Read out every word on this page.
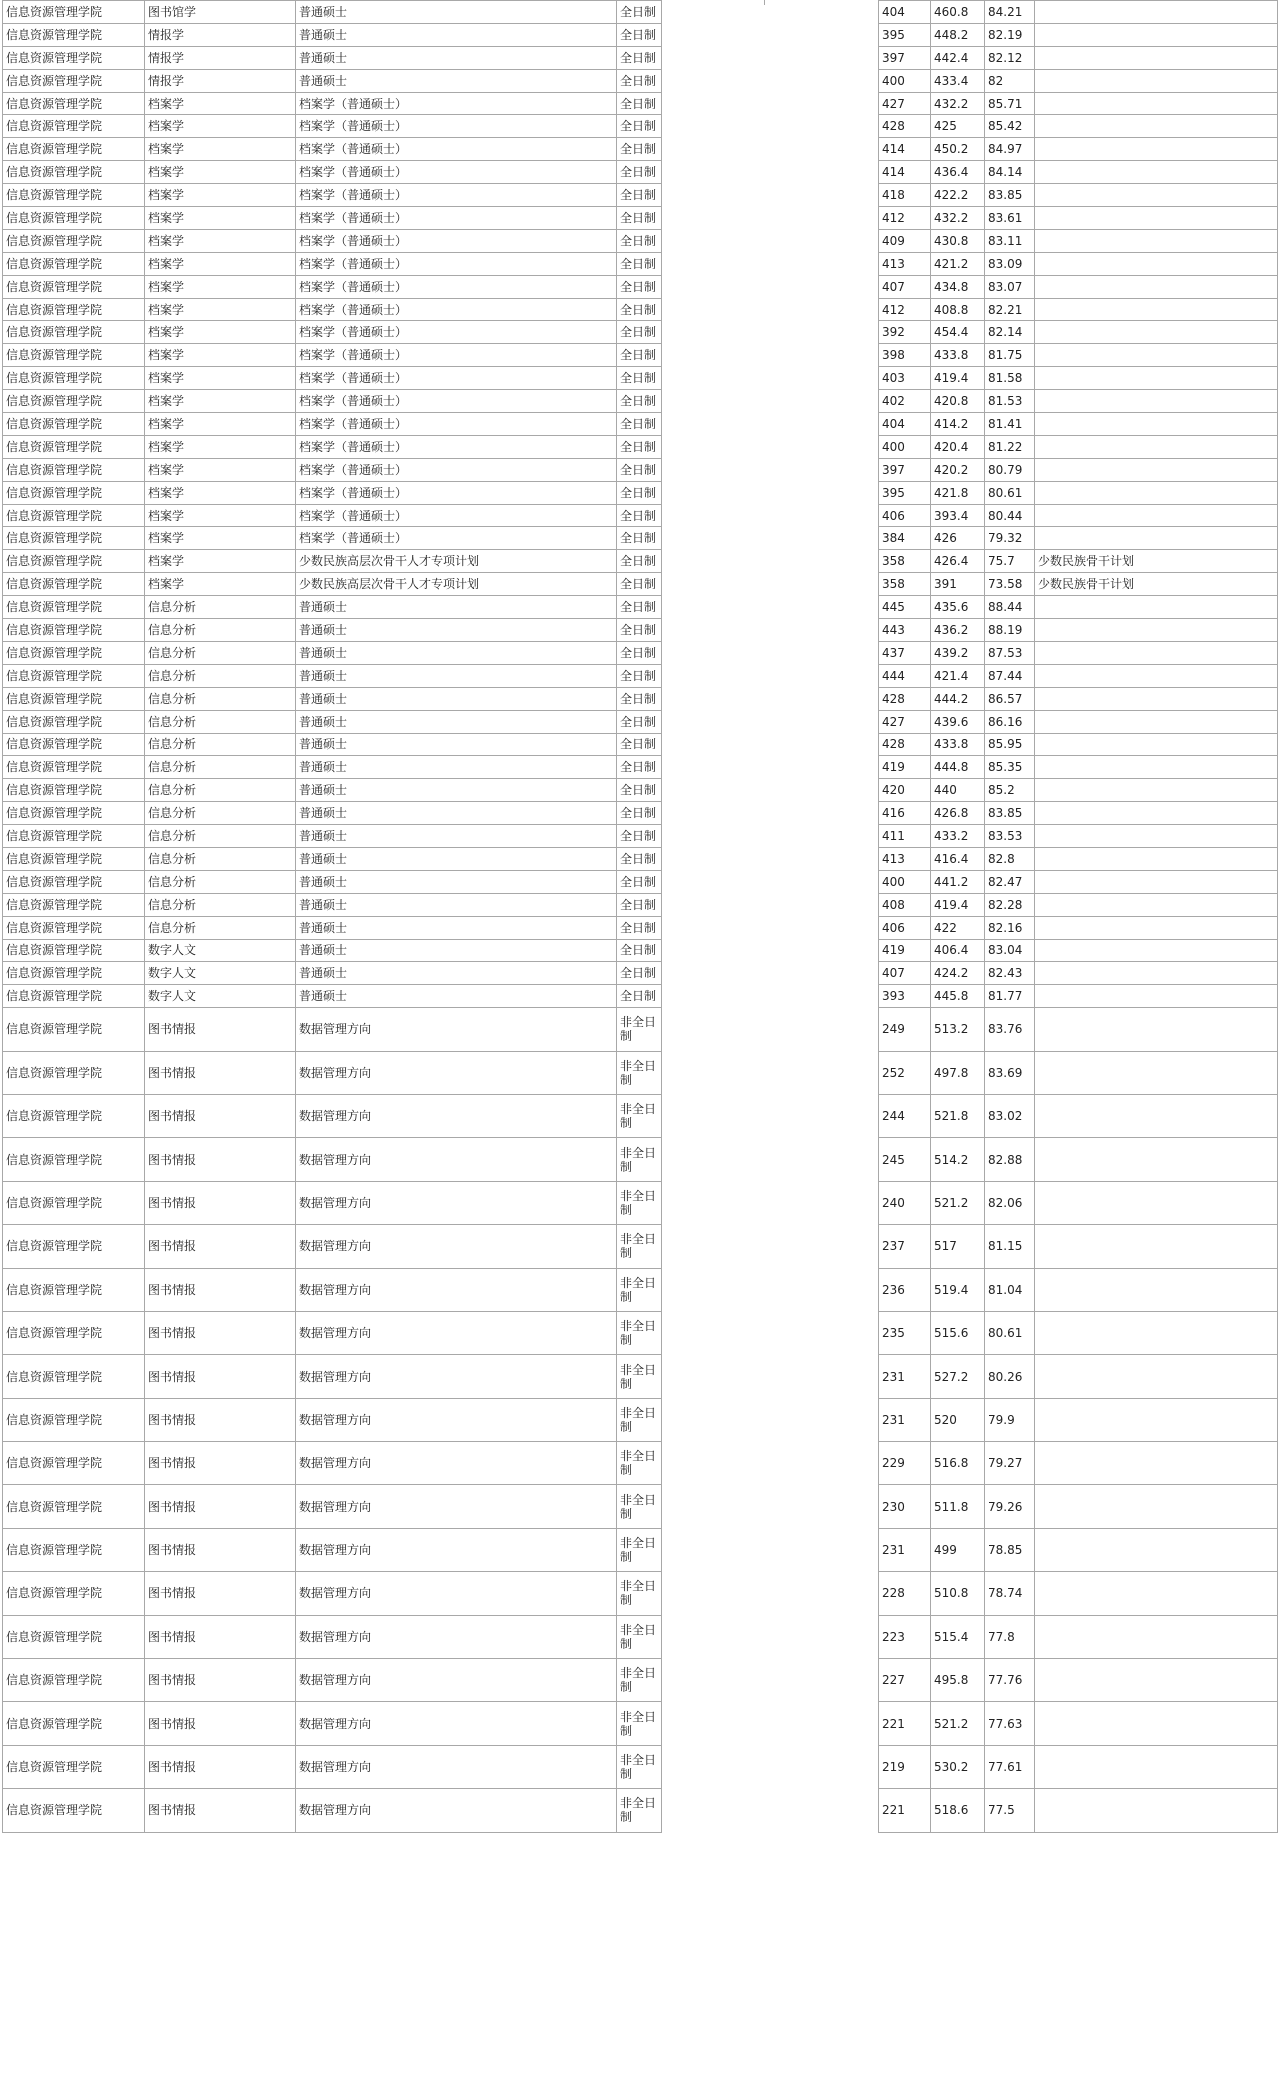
信息资源管理学院	图书馆学	普通硕士	全日制		404	460.8	84.21	
信息资源管理学院	情报学	普通硕士	全日制		395	448.2	82.19	
信息资源管理学院	情报学	普通硕士	全日制		397	442.4	82.12	
信息资源管理学院	情报学	普通硕士	全日制		400	433.4	82	
信息资源管理学院	档案学	档案学（普通硕士）	全日制		427	432.2	85.71	
信息资源管理学院	档案学	档案学（普通硕士）	全日制		428	425	85.42	
信息资源管理学院	档案学	档案学（普通硕士）	全日制		414	450.2	84.97	
信息资源管理学院	档案学	档案学（普通硕士）	全日制		414	436.4	84.14	
信息资源管理学院	档案学	档案学（普通硕士）	全日制		418	422.2	83.85	
信息资源管理学院	档案学	档案学（普通硕士）	全日制		412	432.2	83.61	
信息资源管理学院	档案学	档案学（普通硕士）	全日制		409	430.8	83.11	
信息资源管理学院	档案学	档案学（普通硕士）	全日制		413	421.2	83.09	
信息资源管理学院	档案学	档案学（普通硕士）	全日制		407	434.8	83.07	
信息资源管理学院	档案学	档案学（普通硕士）	全日制		412	408.8	82.21	
信息资源管理学院	档案学	档案学（普通硕士）	全日制		392	454.4	82.14	
信息资源管理学院	档案学	档案学（普通硕士）	全日制		398	433.8	81.75	
信息资源管理学院	档案学	档案学（普通硕士）	全日制		403	419.4	81.58	
信息资源管理学院	档案学	档案学（普通硕士）	全日制		402	420.8	81.53	
信息资源管理学院	档案学	档案学（普通硕士）	全日制		404	414.2	81.41	
信息资源管理学院	档案学	档案学（普通硕士）	全日制		400	420.4	81.22	
信息资源管理学院	档案学	档案学（普通硕士）	全日制		397	420.2	80.79	
信息资源管理学院	档案学	档案学（普通硕士）	全日制		395	421.8	80.61	
信息资源管理学院	档案学	档案学（普通硕士）	全日制		406	393.4	80.44	
信息资源管理学院	档案学	档案学（普通硕士）	全日制		384	426	79.32	
信息资源管理学院	档案学	少数民族高层次骨干人才专项计划	全日制		358	426.4	75.7	少数民族骨干计划
信息资源管理学院	档案学	少数民族高层次骨干人才专项计划	全日制		358	391	73.58	少数民族骨干计划
信息资源管理学院	信息分析	普通硕士	全日制		445	435.6	88.44	
信息资源管理学院	信息分析	普通硕士	全日制		443	436.2	88.19	
信息资源管理学院	信息分析	普通硕士	全日制		437	439.2	87.53	
信息资源管理学院	信息分析	普通硕士	全日制		444	421.4	87.44	
信息资源管理学院	信息分析	普通硕士	全日制		428	444.2	86.57	
信息资源管理学院	信息分析	普通硕士	全日制		427	439.6	86.16	
信息资源管理学院	信息分析	普通硕士	全日制		428	433.8	85.95	
信息资源管理学院	信息分析	普通硕士	全日制		419	444.8	85.35	
信息资源管理学院	信息分析	普通硕士	全日制		420	440	85.2	
信息资源管理学院	信息分析	普通硕士	全日制		416	426.8	83.85	
信息资源管理学院	信息分析	普通硕士	全日制		411	433.2	83.53	
信息资源管理学院	信息分析	普通硕士	全日制		413	416.4	82.8	
信息资源管理学院	信息分析	普通硕士	全日制		400	441.2	82.47	
信息资源管理学院	信息分析	普通硕士	全日制		408	419.4	82.28	
信息资源管理学院	信息分析	普通硕士	全日制		406	422	82.16	
信息资源管理学院	数字人文	普通硕士	全日制		419	406.4	83.04	
信息资源管理学院	数字人文	普通硕士	全日制		407	424.2	82.43	
信息资源管理学院	数字人文	普通硕士	全日制		393	445.8	81.77	
信息资源管理学院	图书情报	数据管理方向	非全日制		249	513.2	83.76	
信息资源管理学院	图书情报	数据管理方向	非全日制		252	497.8	83.69	
信息资源管理学院	图书情报	数据管理方向	非全日制		244	521.8	83.02	
信息资源管理学院	图书情报	数据管理方向	非全日制		245	514.2	82.88	
信息资源管理学院	图书情报	数据管理方向	非全日制		240	521.2	82.06	
信息资源管理学院	图书情报	数据管理方向	非全日制		237	517	81.15	
信息资源管理学院	图书情报	数据管理方向	非全日制		236	519.4	81.04	
信息资源管理学院	图书情报	数据管理方向	非全日制		235	515.6	80.61	
信息资源管理学院	图书情报	数据管理方向	非全日制		231	527.2	80.26	
信息资源管理学院	图书情报	数据管理方向	非全日制		231	520	79.9	
信息资源管理学院	图书情报	数据管理方向	非全日制		229	516.8	79.27	
信息资源管理学院	图书情报	数据管理方向	非全日制		230	511.8	79.26	
信息资源管理学院	图书情报	数据管理方向	非全日制		231	499	78.85	
信息资源管理学院	图书情报	数据管理方向	非全日制		228	510.8	78.74	
信息资源管理学院	图书情报	数据管理方向	非全日制		223	515.4	77.8	
信息资源管理学院	图书情报	数据管理方向	非全日制		227	495.8	77.76	
信息资源管理学院	图书情报	数据管理方向	非全日制		221	521.2	77.63	
信息资源管理学院	图书情报	数据管理方向	非全日制		219	530.2	77.61	
信息资源管理学院	图书情报	数据管理方向	非全日制		221	518.6	77.5	
